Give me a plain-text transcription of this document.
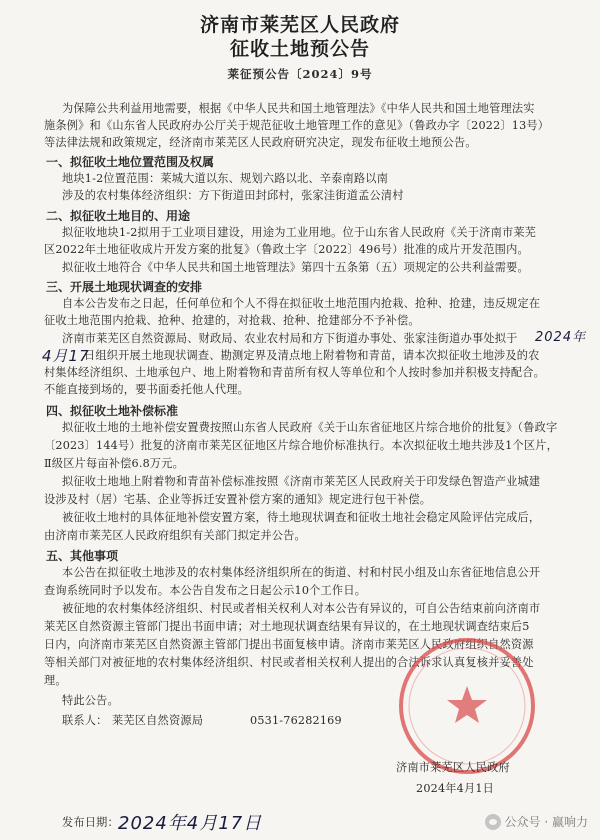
济南市莱芜区人民政府
征收土地预公告
莱征预公告〔2024〕9号
为保障公共利益用地需要，根据《中华人民共和国土地管理法》《中华人民共和国土地管理法实
施条例》和《山东省人民政府办公厅关于规范征收土地管理工作的意见》（鲁政办字〔2022〕13号）
等法律法规和政策规定，经济南市莱芜区人民政府研究决定，现发布征收土地预公告。
一、拟征收土地位置范围及权属
地块1-2位置范围：莱城大道以东、规划六路以北、辛泰南路以南
涉及的农村集体经济组织：方下街道田封邱村，张家洼街道孟公清村
二、拟征收土地目的、用途
拟征收地块1-2拟用于工业项目建设，用途为工业用地。位于山东省人民政府《关于济南市莱芜
区2022年土地征收成片开发方案的批复》（鲁政土字〔2022〕496号）批准的成片开发范围内。
拟征收土地符合《中华人民共和国土地管理法》第四十五条第（五）项规定的公共利益需要。
三、开展土地现状调查的安排
自本公告发布之日起，任何单位和个人不得在拟征收土地范围内抢栽、抢种、抢建，违反规定在
征收土地范围内抢栽、抢种、抢建的，对抢栽、抢种、抢建部分不予补偿。
济南市莱芜区自然资源局、财政局、农业农村局和方下街道办事处、张家洼街道办事处拟于 2024年
4月17
日组织开展土地现状调查、勘测定界及清点地上附着物和青苗，请本次拟征收土地涉及的农
村集体经济组织、土地承包户、地上附着物和青苗所有权人等单位和个人按时参加并积极支持配合。
不能直接到场的，要书面委托他人代理。
四、拟征收土地补偿标准
拟征收土地的土地补偿安置费按照山东省人民政府《关于山东省征地区片综合地价的批复》（鲁政字
〔2023〕144号）批复的济南市莱芜区征地区片综合地价标准执行。本次拟征收土地共涉及1个区片，
Ⅱ级区片每亩补偿6.8万元。
拟征收土地地上附着物和青苗补偿标准按照《济南市莱芜区人民政府关于印发绿色智造产业城建
设涉及村（居）宅基、企业等拆迁安置补偿方案的通知》规定进行包干补偿。
被征收土地村的具体征地补偿安置方案，待土地现状调查和征收土地社会稳定风险评估完成后，
由济南市莱芜区人民政府组织有关部门拟定并公告。
五、其他事项
本公告在拟征收土地涉及的农村集体经济组织所在的街道、村和村民小组及山东省征地信息公开
查询系统同时予以发布。本公告自发布之日起公示10个工作日。
被征地的农村集体经济组织、村民或者相关权利人对本公告有异议的，可自公告结束前向济南市
莱芜区自然资源主管部门提出书面申请；对土地现状调查结果有异议的，在土地现状调查结束后5
日内，向济南市莱芜区自然资源主管部门提出书面复核申请。济南市莱芜区人民政府组织自然资源
等相关部门对被征地的农村集体经济组织、村民或者相关权利人提出的合法诉求认真复核并妥善处
理。
特此公告。
联系人： 莱芜区自然资源局	0531-76282169
济南市莱芜区人民政府
2024年4月1日
发布日期： 2024年4月17日	公众号 · 赢响力
